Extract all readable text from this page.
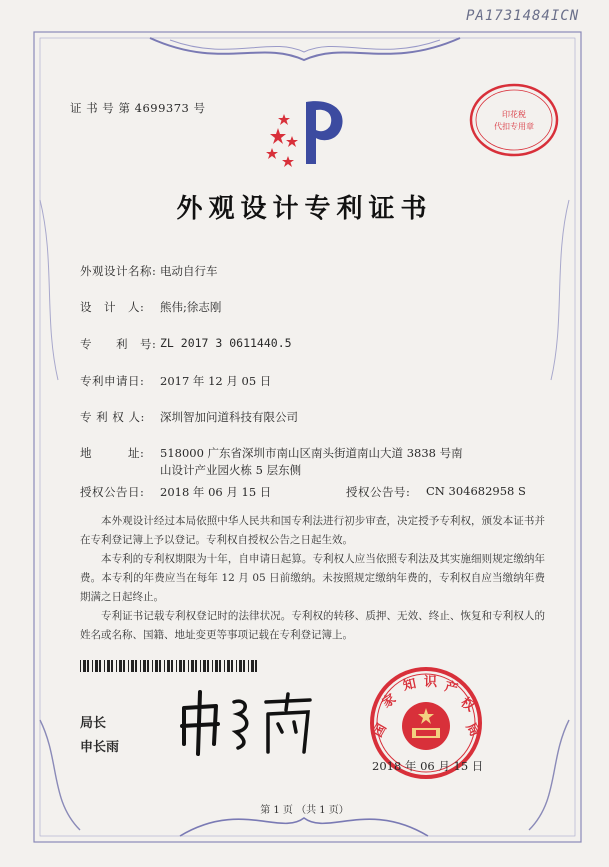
PA1731484ICN
证 书 号 第 4699373 号	印花税
代扣专用章
外观设计专利证书
外观设计名称: 电动自行车
设　计　人: 熊伟;徐志刚
专　　利　号: ZL 2017 3 0611440.5
专利申请日: 2017 年 12 月 05 日
专 利 权 人: 深圳智加问道科技有限公司
地　　　址: 518000 广东省深圳市南山区南头街道南山大道 3838 号南
山设计产业园火栋 5 层东侧
授权公告日: 2018 年 06 月 15 日	授权公告号: CN 304682958 S
本外观设计经过本局依照中华人民共和国专利法进行初步审查，决定授予专利权，颁发本证书并在专利登记簿上予以登记。专利权自授权公告之日起生效。
本专利的专利权期限为十年，自申请日起算。专利权人应当依照专利法及其实施细则规定缴纳年费。本专利的年费应当在每年 12 月 05 日前缴纳。未按照规定缴纳年费的，专利权自应当缴纳年费期满之日起终止。
专利证书记载专利权登记时的法律状况。专利权的转移、质押、无效、终止、恢复和专利权人的姓名或名称、国籍、地址变更等事项记载在专利登记簿上。
局长
申长雨
国
家
知 识 产
权
局
2018 年 06 月 15 日
第 1 页 （共 1 页）
